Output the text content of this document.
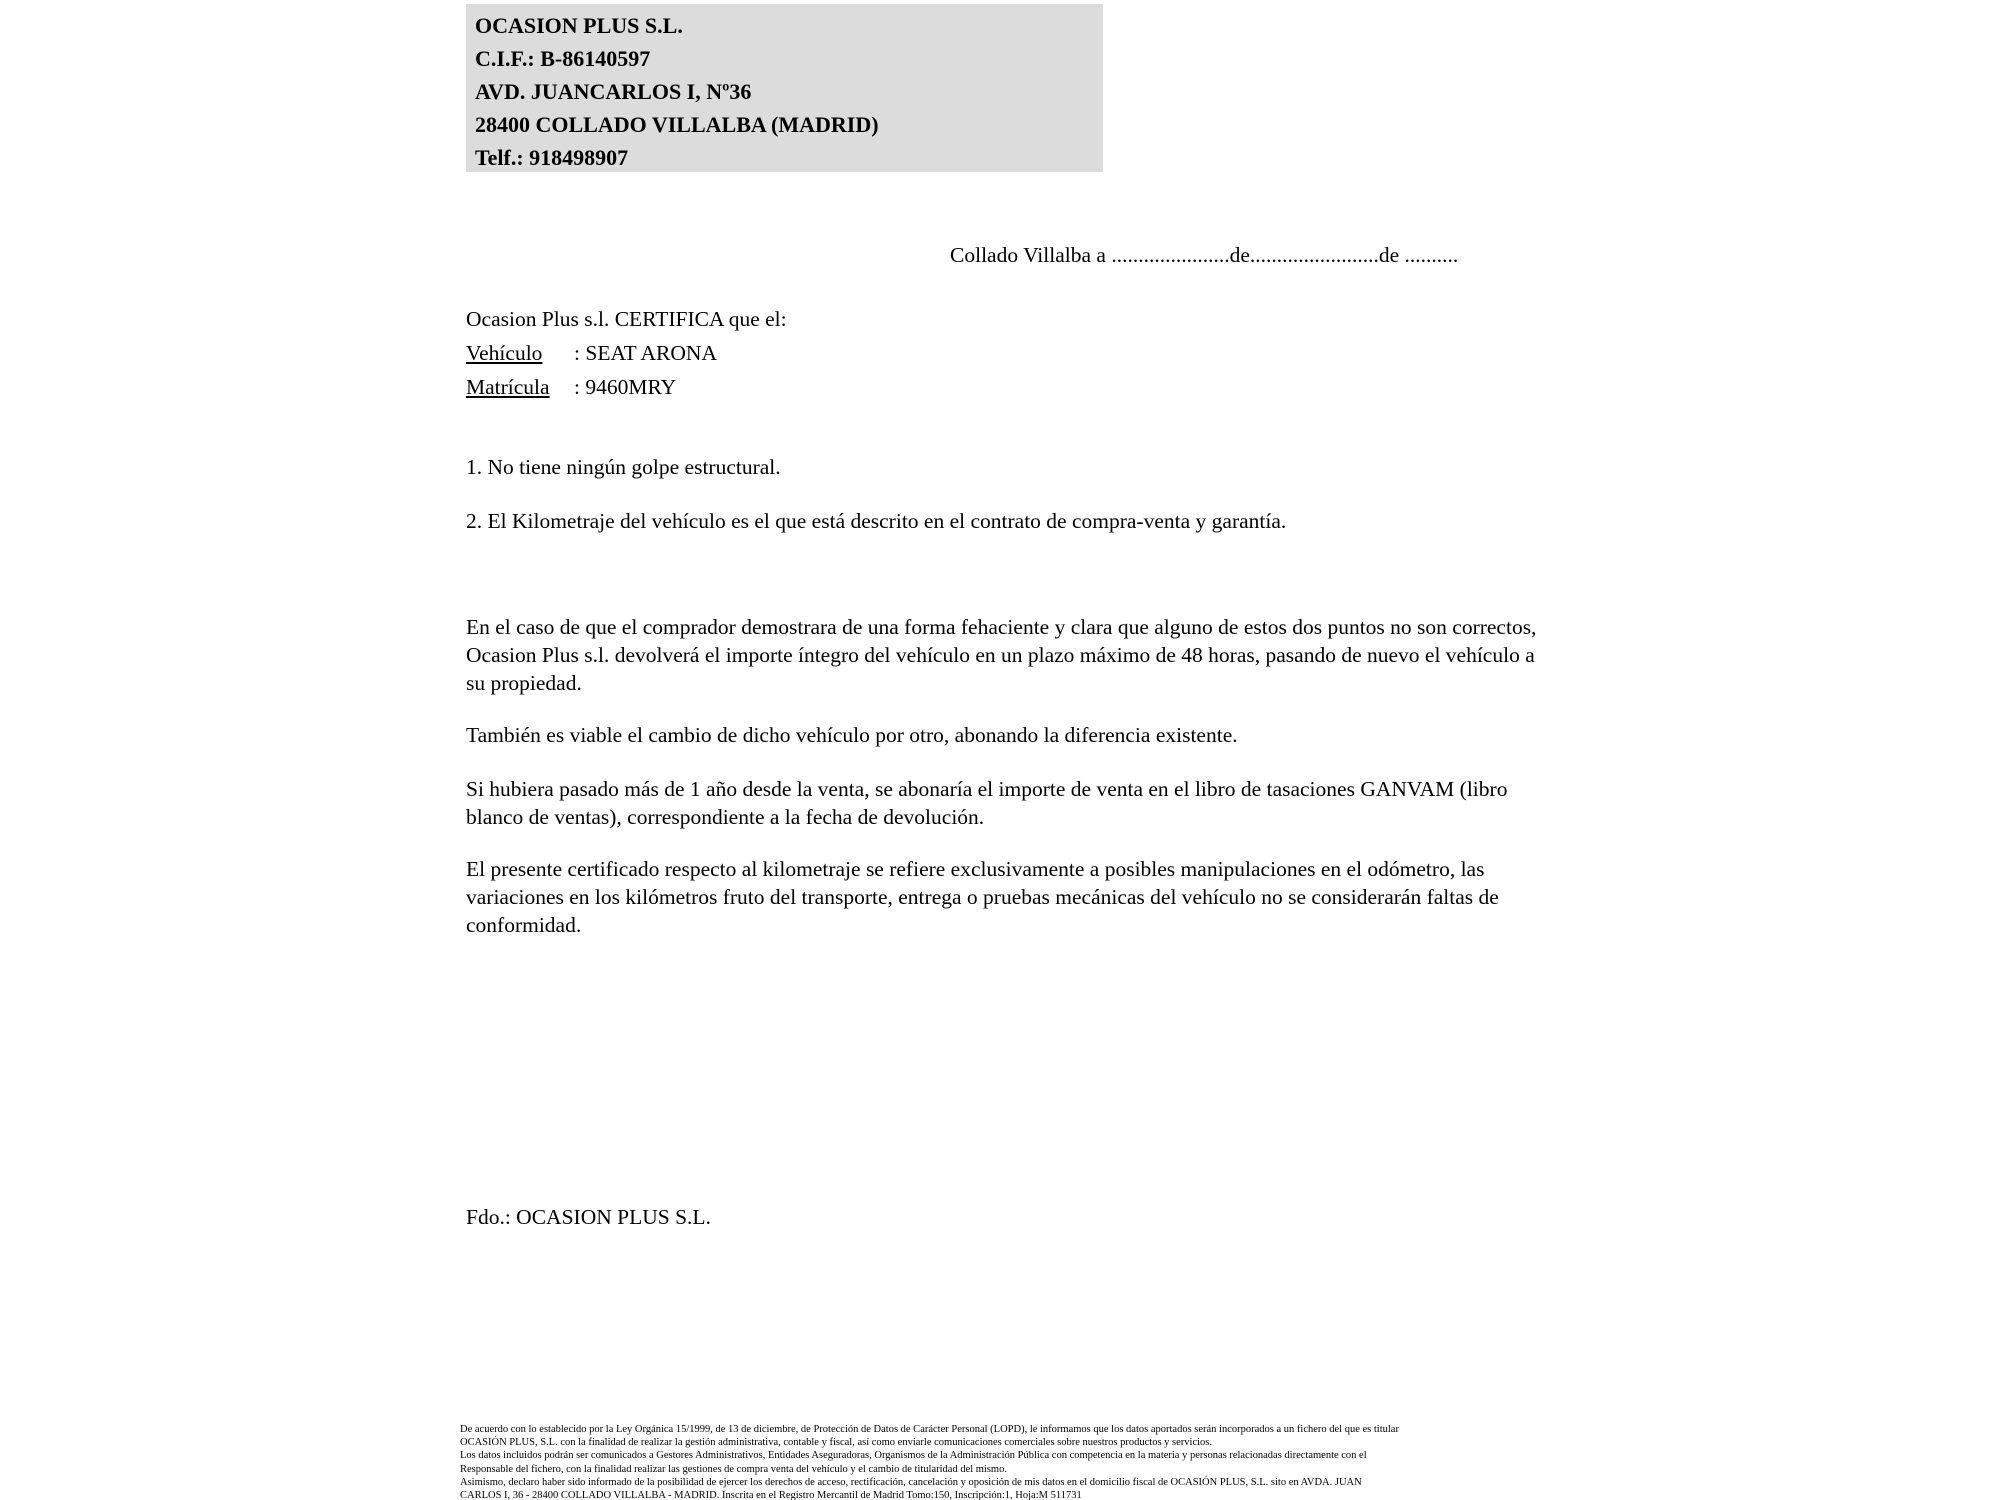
OCASION PLUS S.L.
C.I.F.: B-86140597
AVD. JUANCARLOS I, Nº36
28400 COLLADO VILLALBA (MADRID)
Telf.: 918498907
Collado Villalba a ......................de........................de ..........
Ocasion Plus s.l. CERTIFICA que el:
Vehículo : SEAT ARONA
Matrícula : 9460MRY
1. No tiene ningún golpe estructural.
2. El Kilometraje del vehículo es el que está descrito en el contrato de compra-venta y garantía.
En el caso de que el comprador demostrara de una forma fehaciente y clara que alguno de estos dos puntos no son correctos, Ocasion Plus s.l. devolverá el importe íntegro del vehículo en un plazo máximo de 48 horas, pasando de nuevo el vehículo a su propiedad.
También es viable el cambio de dicho vehículo por otro, abonando la diferencia existente.
Si hubiera pasado más de 1 año desde la venta, se abonaría el importe de venta en el libro de tasaciones GANVAM (libro blanco de ventas), correspondiente a la fecha de devolución.
El presente certificado respecto al kilometraje se refiere exclusivamente a posibles manipulaciones en el odómetro, las variaciones en los kilómetros fruto del transporte, entrega o pruebas mecánicas del vehículo no se considerarán faltas de conformidad.
Fdo.: OCASION PLUS S.L.
De acuerdo con lo establecido por la Ley Orgánica 15/1999, de 13 de diciembre, de Protección de Datos de Carácter Personal (LOPD), le informamos que los datos aportados serán incorporados a un fichero del que es titular
OCASIÓN PLUS, S.L. con la finalidad de realizar la gestión administrativa, contable y fiscal, así como enviarle comunicaciones comerciales sobre nuestros productos y servicios.
Los datos incluidos podrán ser comunicados a Gestores Administrativos, Entidades Aseguradoras, Organismos de la Administración Pública con competencia en la materia y personas relacionadas directamente con el
Responsable del fichero, con la finalidad realizar las gestiones de compra venta del vehículo y el cambio de titularidad del mismo.
Asimismo, declaro haber sido informado de la posibilidad de ejercer los derechos de acceso, rectificación, cancelación y oposición de mis datos en el domicilio fiscal de OCASIÓN PLUS, S.L. sito en AVDA. JUAN
CARLOS I, 36 - 28400 COLLADO VILLALBA - MADRID. Inscrita en el Registro Mercantil de Madrid Tomo:150, Inscripción:1, Hoja:M 511731
